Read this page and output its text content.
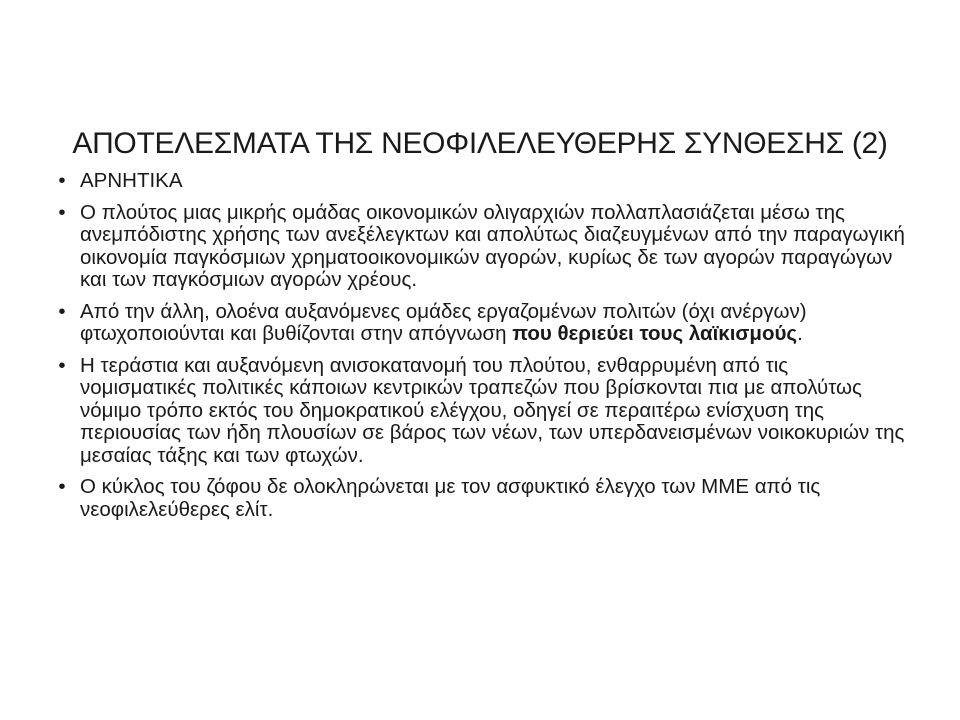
ΑΠΟΤΕΛΕΣΜΑΤΑ ΤΗΣ ΝΕΟΦΙΛΕΛΕΥΘΕΡΗΣ ΣΥΝΘΕΣΗΣ (2)
• ΑΡΝΗΤΙΚΑ
• Ο πλούτος μιας μικρής ομάδας οικονομικών ολιγαρχιών πολλαπλασιάζεται μέσω της ανεμπόδιστης χρήσης των ανεξέλεγκτων και απολύτως διαζευγμένων από την παραγωγική οικονομία παγκόσμιων χρηματοοικονομικών αγορών, κυρίως δε των αγορών παραγώγων και των παγκόσμιων αγορών χρέους.
• Από την άλλη, ολοένα αυξανόμενες ομάδες εργαζομένων πολιτών (όχι ανέργων) φτωχοποιούνται και βυθίζονται στην απόγνωση που θεριεύει τους λαϊκισμούς.
• Η τεράστια και αυξανόμενη ανισοκατανομή του πλούτου, ενθαρρυμένη από τις νομισματικές πολιτικές κάποιων κεντρικών τραπεζών που βρίσκονται πια με απολύτως νόμιμο τρόπο εκτός του δημοκρατικού ελέγχου, οδηγεί σε περαιτέρω ενίσχυση της περιουσίας των ήδη πλουσίων σε βάρος των νέων, των υπερδανεισμένων νοικοκυριών της μεσαίας τάξης και των φτωχών.
• Ο κύκλος του ζόφου δε ολοκληρώνεται με τον ασφυκτικό έλεγχο των ΜΜΕ από τις νεοφιλελεύθερες ελίτ.
